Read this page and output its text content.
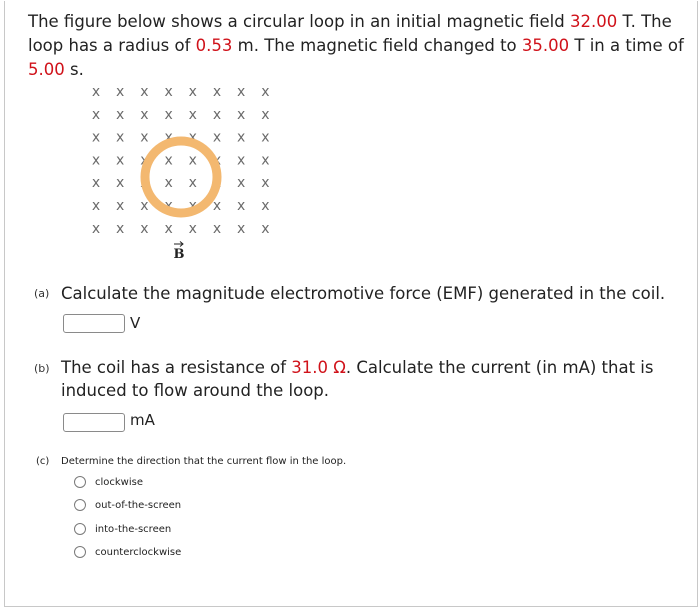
The figure below shows a circular loop in an initial magnetic field 32.00 T. The loop has a radius of 0.53 m. The magnetic field changed to 35.00 T in a time of 5.00 s.

x x x x x x x x
x x x x x x x x
x x x x x x x x
x x x x x x x x
x x x x x x x x
x x x x x x x x
x x x x x x x x
B
(a) Calculate the magnitude electromotive force (EMF) generated in the coil.

V
(b) The coil has a resistance of 31.0 Ω. Calculate the current (in mA) that is induced to flow around the loop.

mA
(c) Determine the direction that the current flow in the loop.
clockwise
out-of-the-screen
into-the-screen
counterclockwise
